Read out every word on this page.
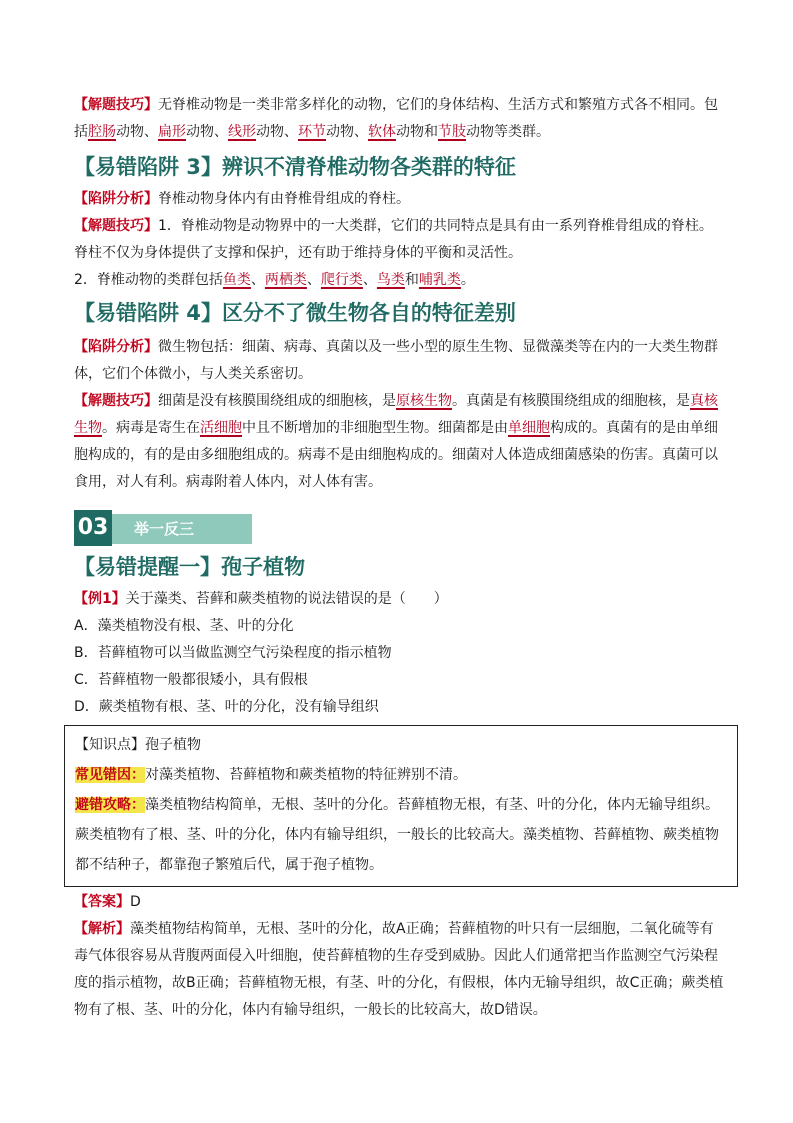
【解题技巧】无脊椎动物是一类非常多样化的动物，它们的身体结构、生活方式和繁殖方式各不相同。包括腔肠动物、扁形动物、线形动物、环节动物、软体动物和节肢动物等类群。

【易错陷阱 3】辨识不清脊椎动物各类群的特征

【陷阱分析】脊椎动物身体内有由脊椎骨组成的脊柱。

【解题技巧】1．脊椎动物是动物界中的一大类群，它们的共同特点是具有由一系列脊椎骨组成的脊柱。脊柱不仅为身体提供了支撑和保护，还有助于维持身体的平衡和灵活性。

2．脊椎动物的类群包括鱼类、两栖类、爬行类、鸟类和哺乳类。

【易错陷阱 4】区分不了微生物各自的特征差别

【陷阱分析】微生物包括：细菌、病毒、真菌以及一些小型的原生生物、显微藻类等在内的一大类生物群体，它们个体微小，与人类关系密切。

【解题技巧】细菌是没有核膜围绕组成的细胞核，是原核生物。真菌是有核膜围绕组成的细胞核，是真核生物。病毒是寄生在活细胞中且不断增加的非细胞型生物。细菌都是由单细胞构成的。真菌有的是由单细胞构成的，有的是由多细胞组成的。病毒不是由细胞构成的。细菌对人体造成细菌感染的伤害。真菌可以食用，对人有利。病毒附着人体内，对人体有害。

03	举一反三
【易错提醒一】孢子植物

【例1】关于藻类、苔藓和蕨类植物的说法错误的是（　　）

A．藻类植物没有根、茎、叶的分化

B．苔藓植物可以当做监测空气污染程度的指示植物

C．苔藓植物一般都很矮小，具有假根

D．蕨类植物有根、茎、叶的分化，没有输导组织

【知识点】孢子植物

常见错因：对藻类植物、苔藓植物和蕨类植物的特征辨别不清。

避错攻略：藻类植物结构简单，无根、茎叶的分化。苔藓植物无根，有茎、叶的分化，体内无输导组织。蕨类植物有了根、茎、叶的分化，体内有输导组织，一般长的比较高大。藻类植物、苔藓植物、蕨类植物都不结种子，都靠孢子繁殖后代，属于孢子植物。

【答案】D

【解析】藻类植物结构简单，无根、茎叶的分化，故A正确；苔藓植物的叶只有一层细胞，二氧化硫等有毒气体很容易从背腹两面侵入叶细胞，使苔藓植物的生存受到威胁。因此人们通常把当作监测空气污染程度的指示植物，故B正确；苔藓植物无根，有茎、叶的分化，有假根，体内无输导组织，故C正确；蕨类植物有了根、茎、叶的分化，体内有输导组织，一般长的比较高大，故D错误。
